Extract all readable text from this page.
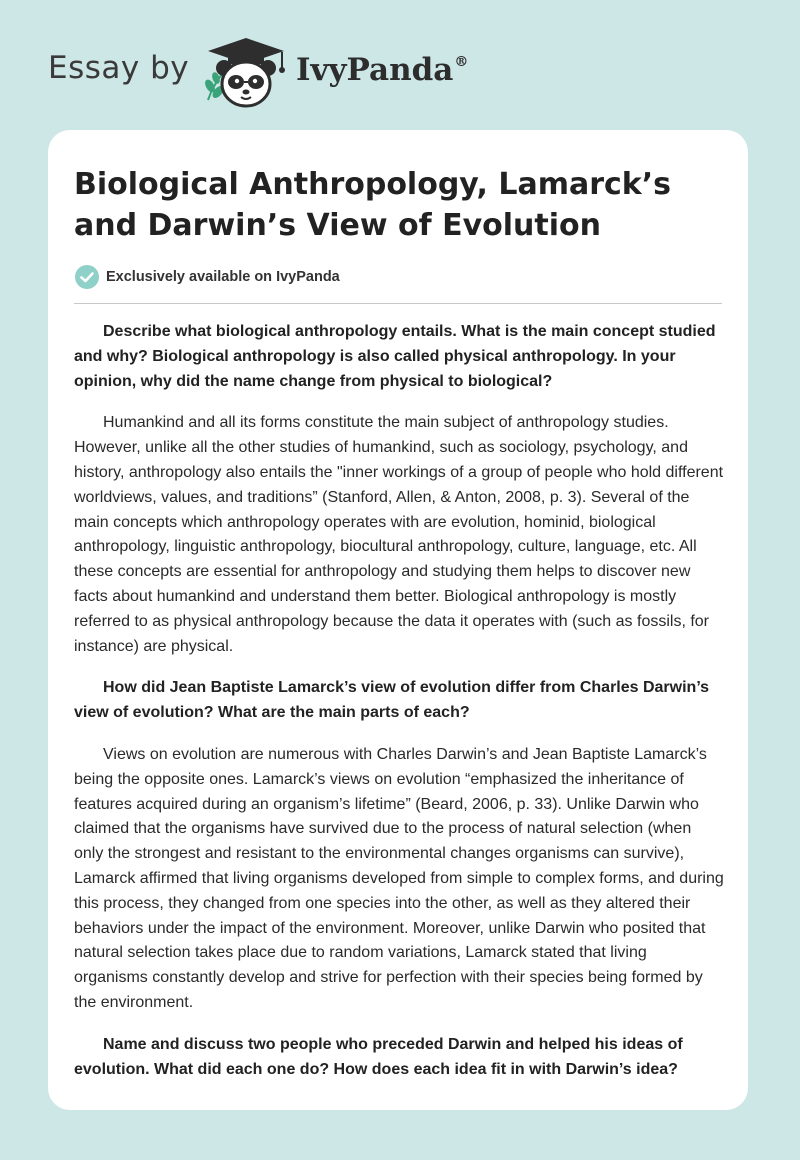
Essay by	IvyPanda®
Biological Anthropology, Lamarck’s and Darwin’s View of Evolution
Exclusively available on IvyPanda

Describe what biological anthropology entails. What is the main concept studied and why? Biological anthropology is also called physical anthropology. In your opinion, why did the name change from physical to biological?

Humankind and all its forms constitute the main subject of anthropology studies. However, unlike all the other studies of humankind, such as sociology, psychology, and history, anthropology also entails the "inner workings of a group of people who hold different worldviews, values, and traditions” (Stanford, Allen, & Anton, 2008, p. 3). Several of the main concepts which anthropology operates with are evolution, hominid, biological anthropology, linguistic anthropology, biocultural anthropology, culture, language, etc. All these concepts are essential for anthropology and studying them helps to discover new facts about humankind and understand them better. Biological anthropology is mostly referred to as physical anthropology because the data it operates with (such as fossils, for instance) are physical.

How did Jean Baptiste Lamarck’s view of evolution differ from Charles Darwin’s view of evolution? What are the main parts of each?

Views on evolution are numerous with Charles Darwin’s and Jean Baptiste Lamarck’s being the opposite ones. Lamarck’s views on evolution “emphasized the inheritance of features acquired during an organism’s lifetime” (Beard, 2006, p. 33). Unlike Darwin who claimed that the organisms have survived due to the process of natural selection (when only the strongest and resistant to the environmental changes organisms can survive), Lamarck affirmed that living organisms developed from simple to complex forms, and during this process, they changed from one species into the other, as well as they altered their behaviors under the impact of the environment. Moreover, unlike Darwin who posited that natural selection takes place due to random variations, Lamarck stated that living organisms constantly develop and strive for perfection with their species being formed by the environment.

Name and discuss two people who preceded Darwin and helped his ideas of evolution. What did each one do? How does each idea fit in with Darwin’s idea?
